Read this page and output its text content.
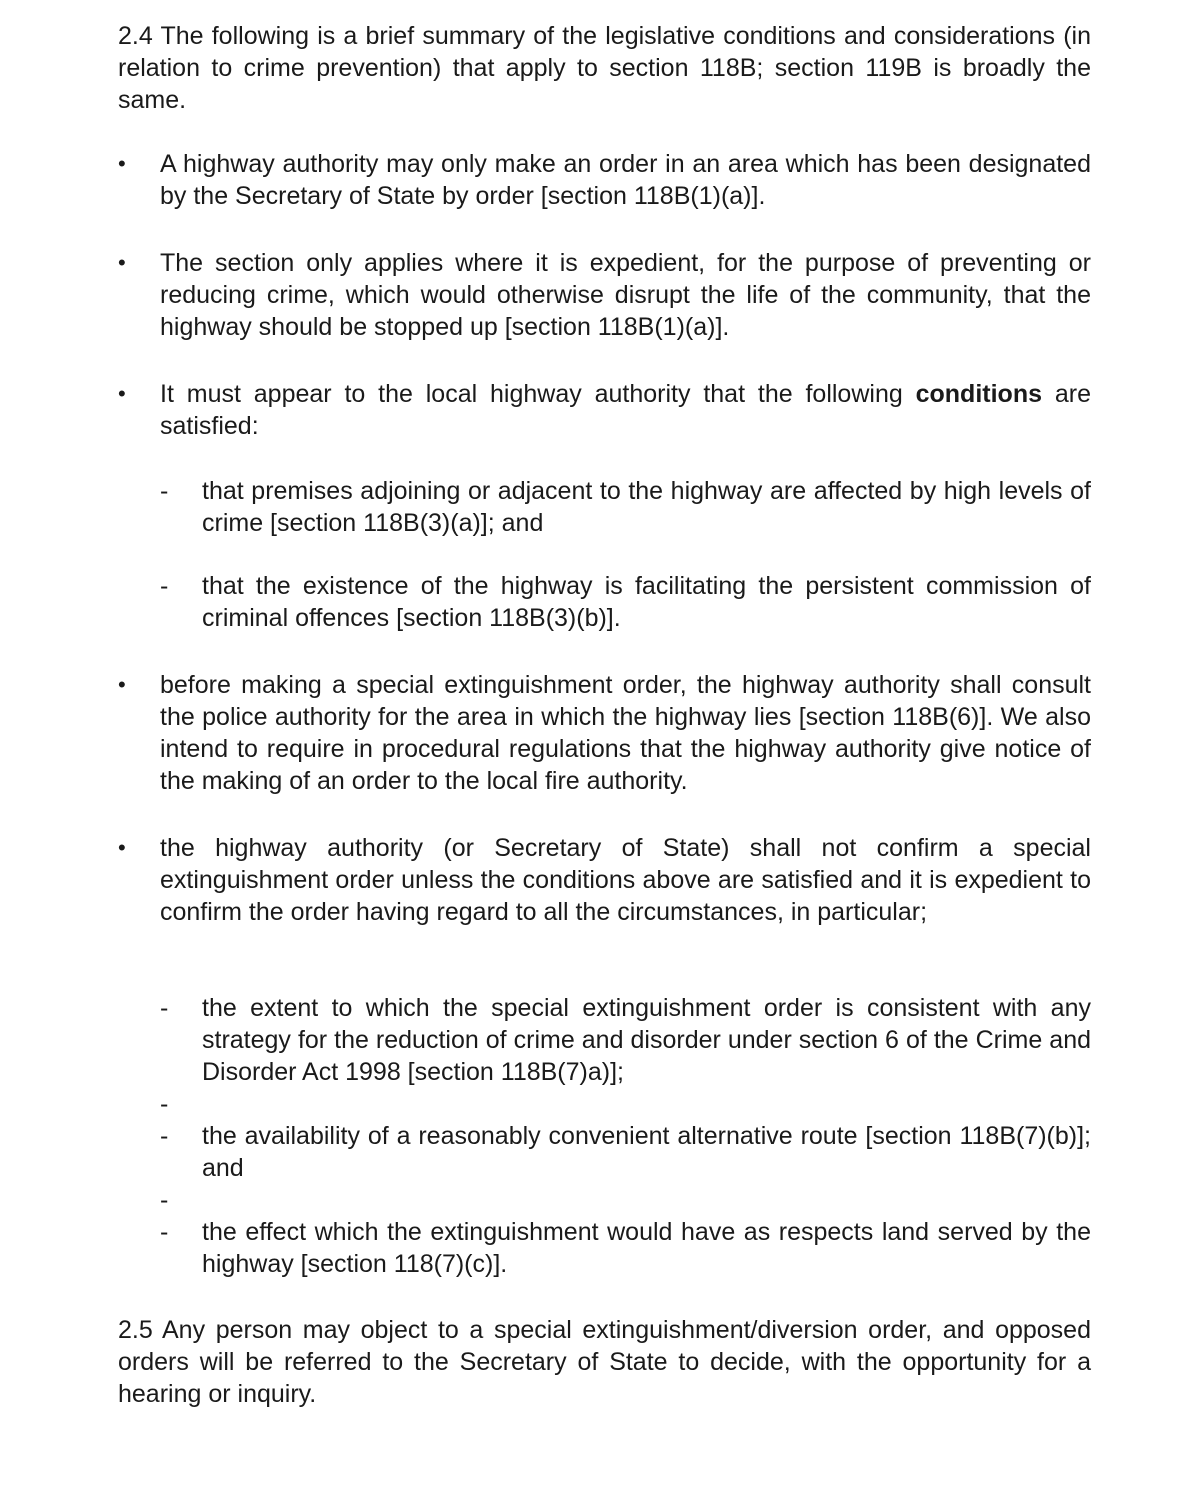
2.4 The following is a brief summary of the legislative conditions and considerations (in relation to crime prevention) that apply to section 118B; section 119B is broadly the same.

• A highway authority may only make an order in an area which has been designated by the Secretary of State by order [section 118B(1)(a)].
• The section only applies where it is expedient, for the purpose of preventing or reducing crime, which would otherwise disrupt the life of the community, that the highway should be stopped up [section 118B(1)(a)].
• It must appear to the local highway authority that the following conditions are satisfied:
- that premises adjoining or adjacent to the highway are affected by high levels of crime [section 118B(3)(a)]; and
- that the existence of the highway is facilitating the persistent commission of criminal offences [section 118B(3)(b)].
• before making a special extinguishment order, the highway authority shall consult the police authority for the area in which the highway lies [section 118B(6)]. We also intend to require in procedural regulations that the highway authority give notice of the making of an order to the local fire authority.
• the highway authority (or Secretary of State) shall not confirm a special extinguishment order unless the conditions above are satisfied and it is expedient to confirm the order having regard to all the circumstances, in particular;
- the extent to which the special extinguishment order is consistent with any strategy for the reduction of crime and disorder under section 6 of the Crime and Disorder Act 1998 [section 118B(7)a)];
-
- the availability of a reasonably convenient alternative route [section 118B(7)(b)]; and
-
- the effect which the extinguishment would have as respects land served by the highway [section 118(7)(c)].

2.5 Any person may object to a special extinguishment/diversion order, and opposed orders will be referred to the Secretary of State to decide, with the opportunity for a hearing or inquiry.
